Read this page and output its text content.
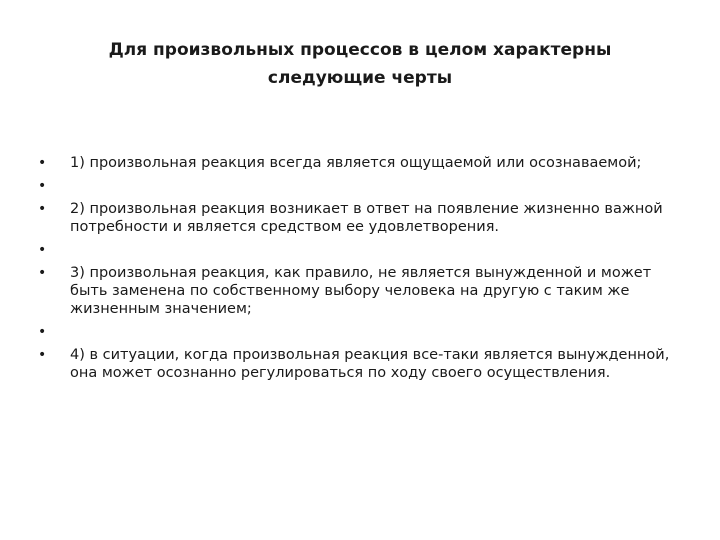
Для произвольных процессов в целом характерны
следующие черты
• 1) произвольная реакция всегда является ощущаемой или осознаваемой;
•
• 2) произвольная реакция возникает в ответ на появление жизненно важной потребности и является средством ее удовлетворения.
•
• 3) произвольная реакция, как правило, не является вынужденной и может быть заменена по собственному выбору человека на другую с таким же жизненным значением;
•
• 4) в ситуации, когда произвольная реакция все-таки является вынужденной, она может осознанно регулироваться по ходу своего осуществления.
